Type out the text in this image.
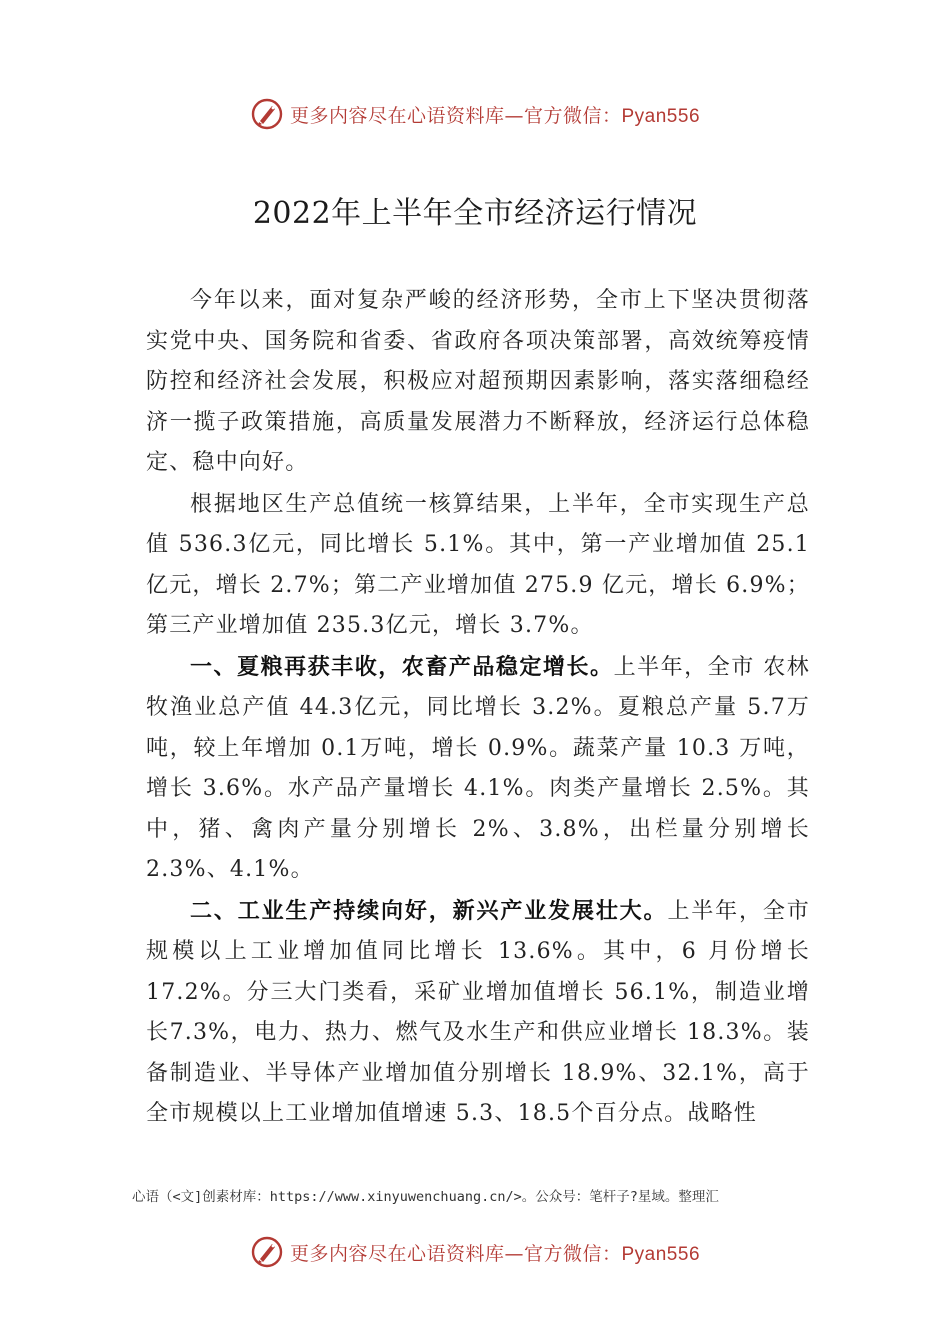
更多内容尽在心语资料库—官方微信：Pyan556
2022年上半年全市经济运行情况

今年以来，面对复杂严峻的经济形势，全市上下坚决贯彻落实党中央、国务院和省委、省政府各项决策部署，高效统筹疫情防控和经济社会发展，积极应对超预期因素影响，落实落细稳经济一揽子政策措施，高质量发展潜力不断释放，经济运行总体稳定、稳中向好。

根据地区生产总值统一核算结果，上半年，全市实现生产总值 536.3亿元，同比增长 5.1%。其中，第一产业增加值 25.1 亿元，增长 2.7%；第二产业增加值 275.9 亿元，增长 6.9%；第三产业增加值 235.3亿元，增长 3.7%。

一、夏粮再获丰收，农畜产品稳定增长。上半年，全市 农林牧渔业总产值 44.3亿元，同比增长 3.2%。夏粮总产量 5.7万吨，较上年增加 0.1万吨，增长 0.9%。蔬菜产量 10.3 万吨，增长 3.6%。水产品产量增长 4.1%。肉类产量增长 2.5%。其中，猪、禽肉产量分别增长 2%、3.8%，出栏量分别增长2.3%、4.1%。

二、工业生产持续向好，新兴产业发展壮大。上半年，全市规模以上工业增加值同比增长 13.6%。其中，6 月份增长 17.2%。分三大门类看，采矿业增加值增长 56.1%，制造业增长7.3%，电力、热力、燃气及水生产和供应业增长 18.3%。装备制造业、半导体产业增加值分别增长 18.9%、32.1%，高于全市规模以上工业增加值增速 5.3、18.5个百分点。战略性

心语（<文]创素材库：https://www.xinyuwenchuang.cn/>。公众号：笔杆子?星域。整理汇
更多内容尽在心语资料库—官方微信：Pyan556
